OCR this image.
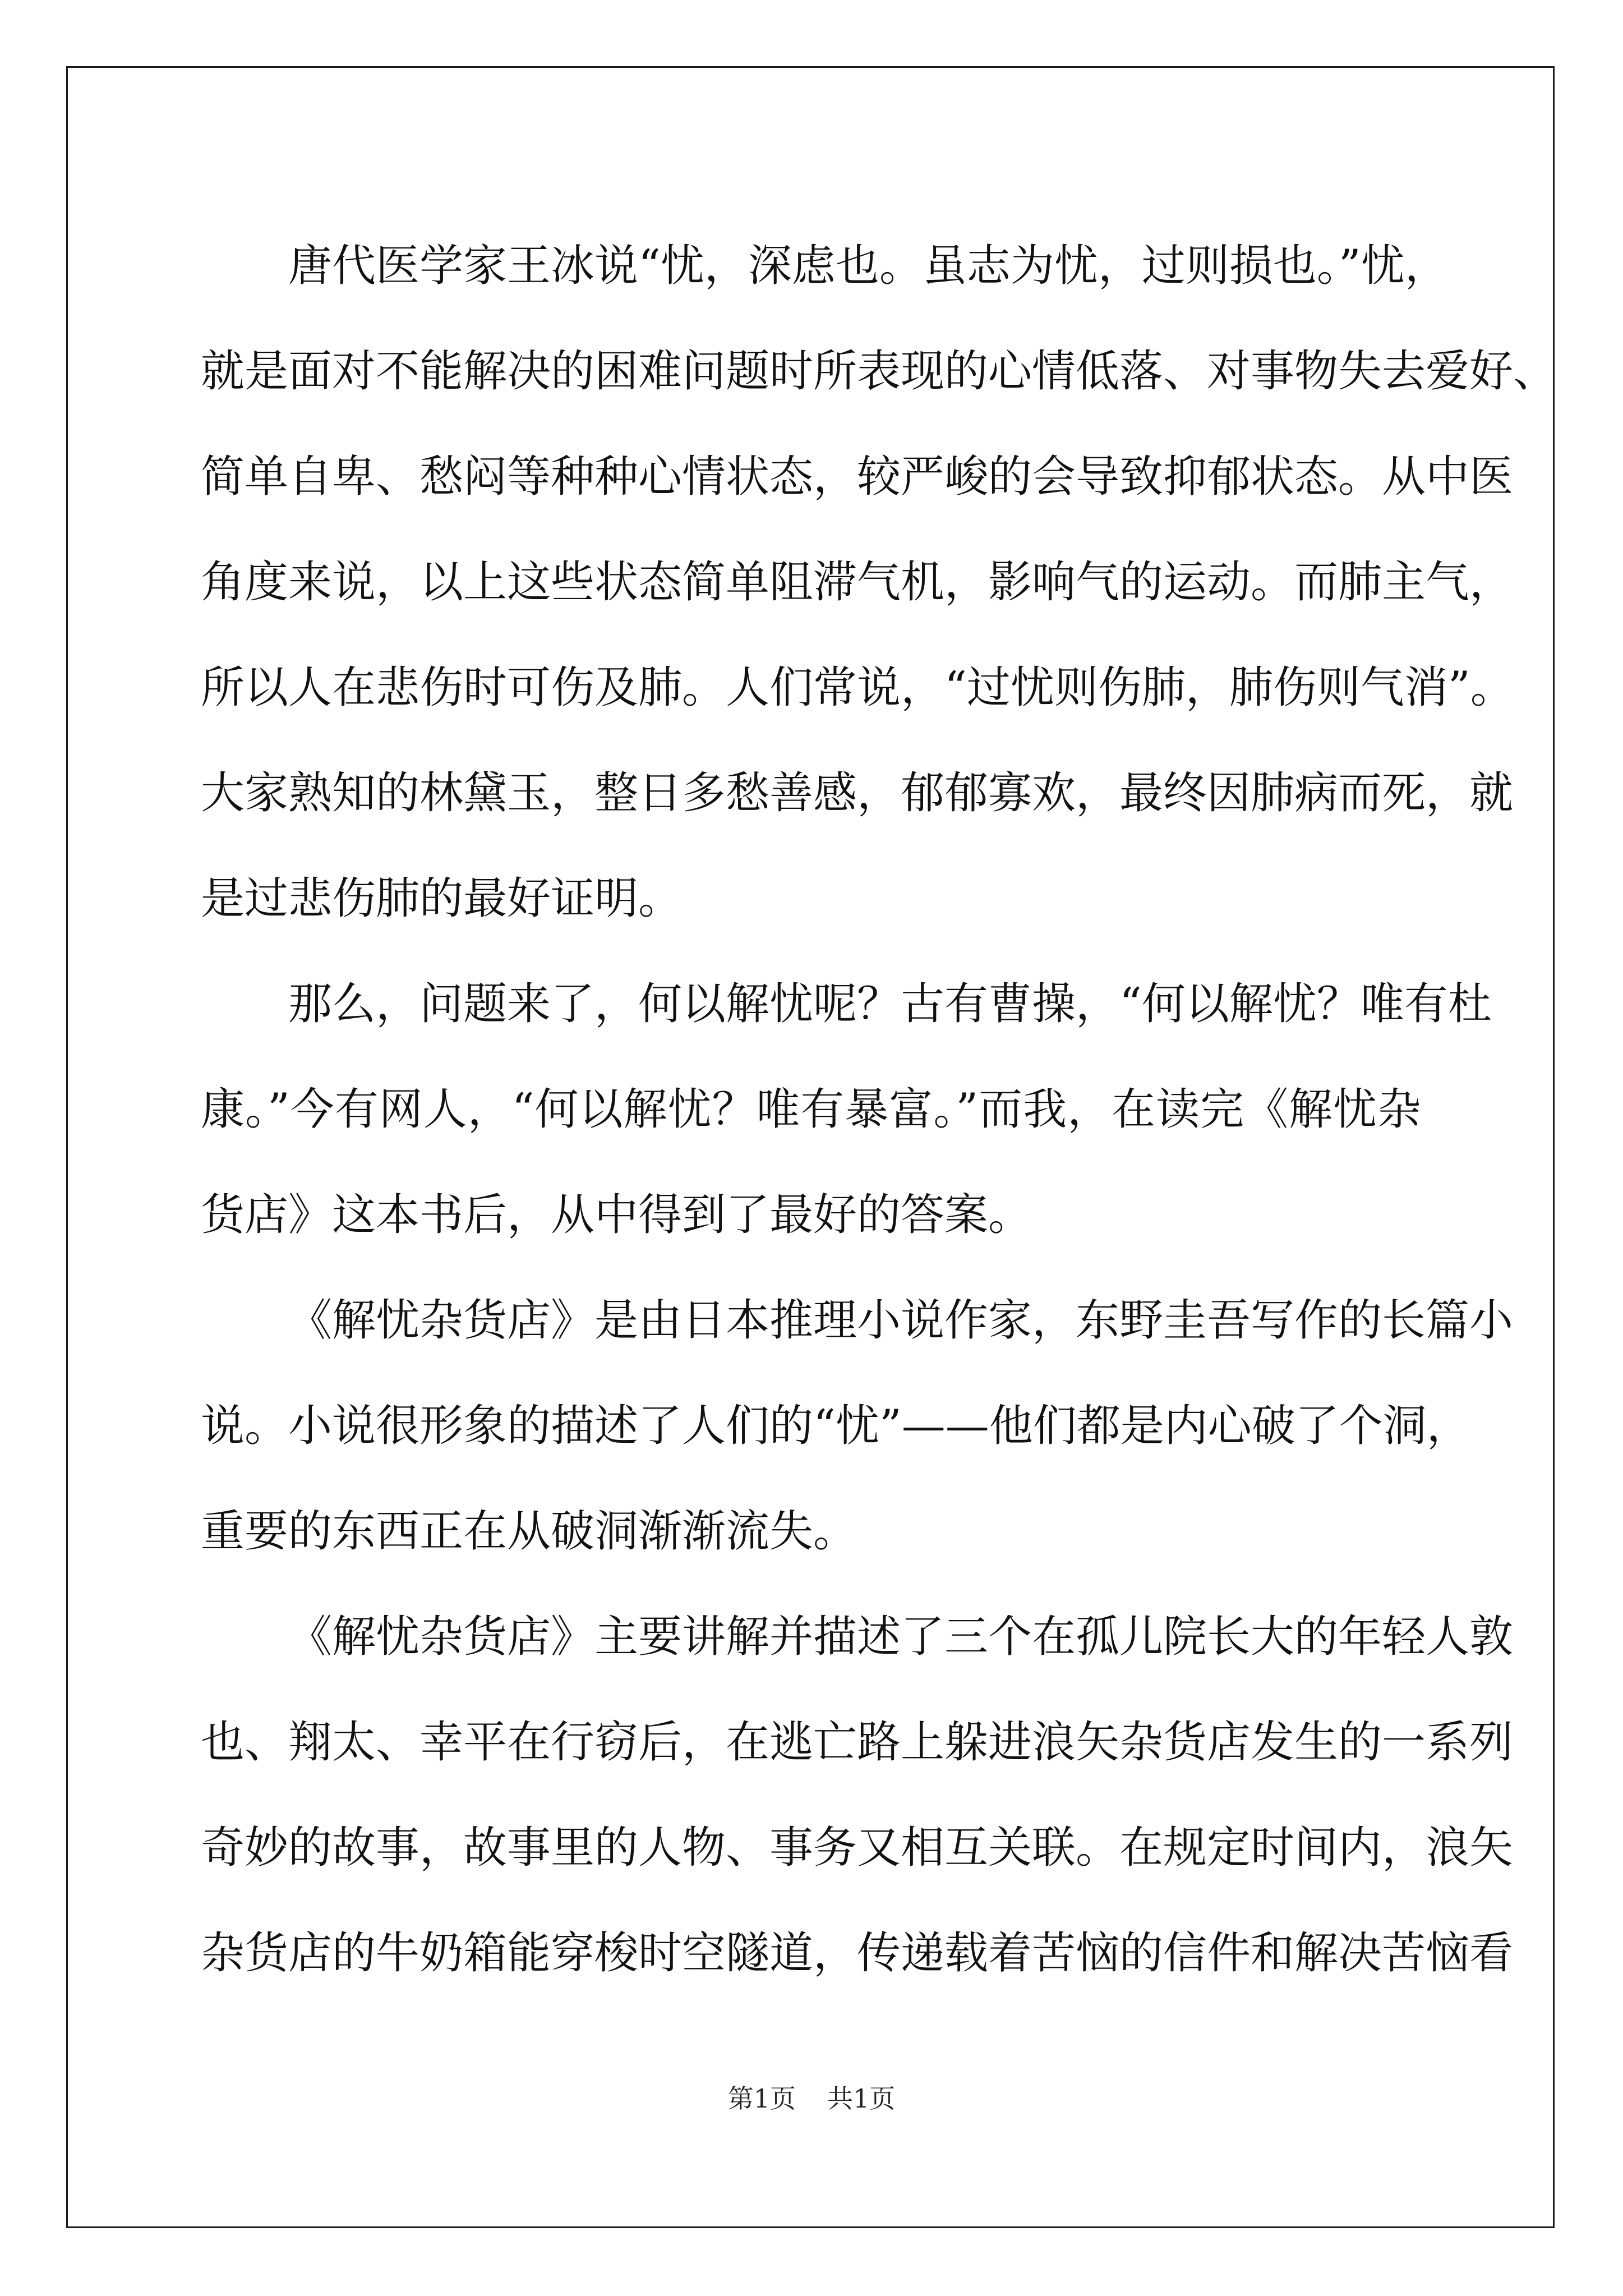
唐代医学家王冰说“忧，深虑也。虽志为忧，过则损也。”忧，
就是面对不能解决的困难问题时所表现的心情低落、对事物失去爱好、
简单自卑、愁闷等种种心情状态，较严峻的会导致抑郁状态。从中医
角度来说，以上这些状态简单阻滞气机，影响气的运动。而肺主气，
所以人在悲伤时可伤及肺。人们常说，“过忧则伤肺，肺伤则气消”。
大家熟知的林黛玉，整日多愁善感，郁郁寡欢，最终因肺病而死，就
是过悲伤肺的最好证明。
那么，问题来了，何以解忧呢？古有曹操，“何以解忧？唯有杜
康。”今有网人，“何以解忧？唯有暴富。”而我，在读完《解忧杂
货店》这本书后，从中得到了最好的答案。
《解忧杂货店》是由日本推理小说作家，东野圭吾写作的长篇小
说。小说很形象的描述了人们的“忧”——他们都是内心破了个洞，
重要的东西正在从破洞渐渐流失。
《解忧杂货店》主要讲解并描述了三个在孤儿院长大的年轻人敦
也、翔太、幸平在行窃后，在逃亡路上躲进浪矢杂货店发生的一系列
奇妙的故事，故事里的人物、事务又相互关联。在规定时间内，浪矢
杂货店的牛奶箱能穿梭时空隧道，传递载着苦恼的信件和解决苦恼看
第1页 共1页
